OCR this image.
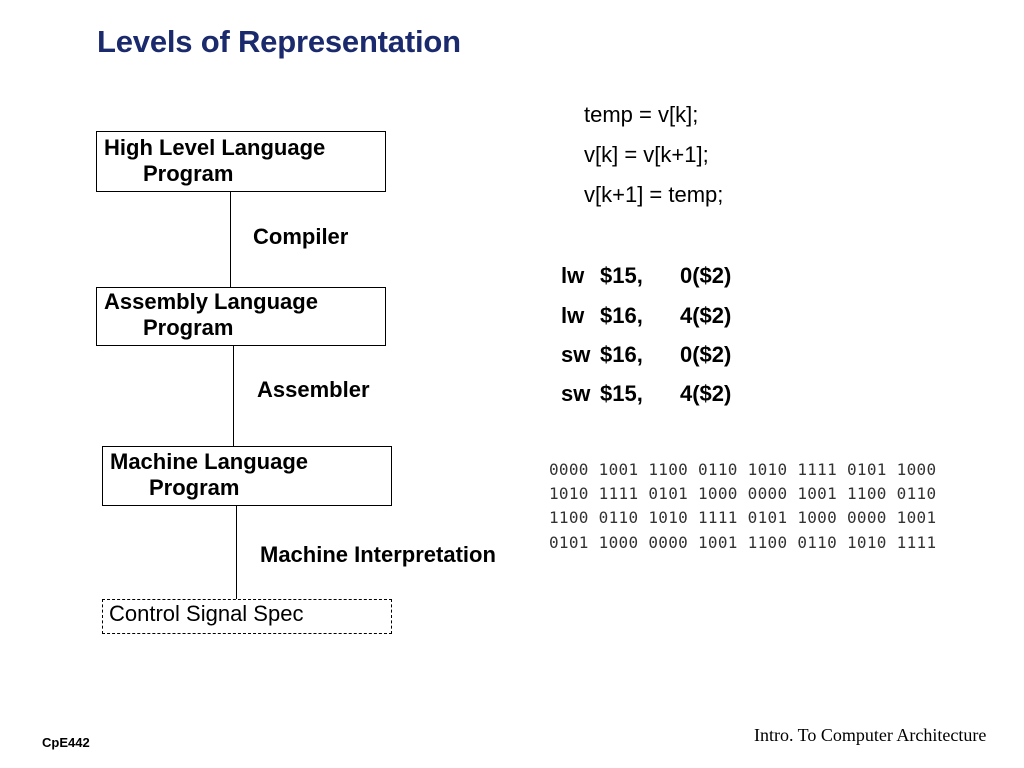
Levels of Representation
High Level Language
Program
Compiler
Assembly Language
Program
Assembler
Machine Language
Program
Machine Interpretation
Control Signal Spec
temp = v[k];
v[k] = v[k+1];
v[k+1] = temp;
lw $15, 0($2)
lw $16, 4($2)
sw $16, 0($2)
sw $15, 4($2)
0000 1001 1100 0110 1010 1111 0101 1000
1010 1111 0101 1000 0000 1001 1100 0110
1100 0110 1010 1111 0101 1000 0000 1001
0101 1000 0000 1001 1100 0110 1010 1111
CpE442	Intro. To Computer Architecture
